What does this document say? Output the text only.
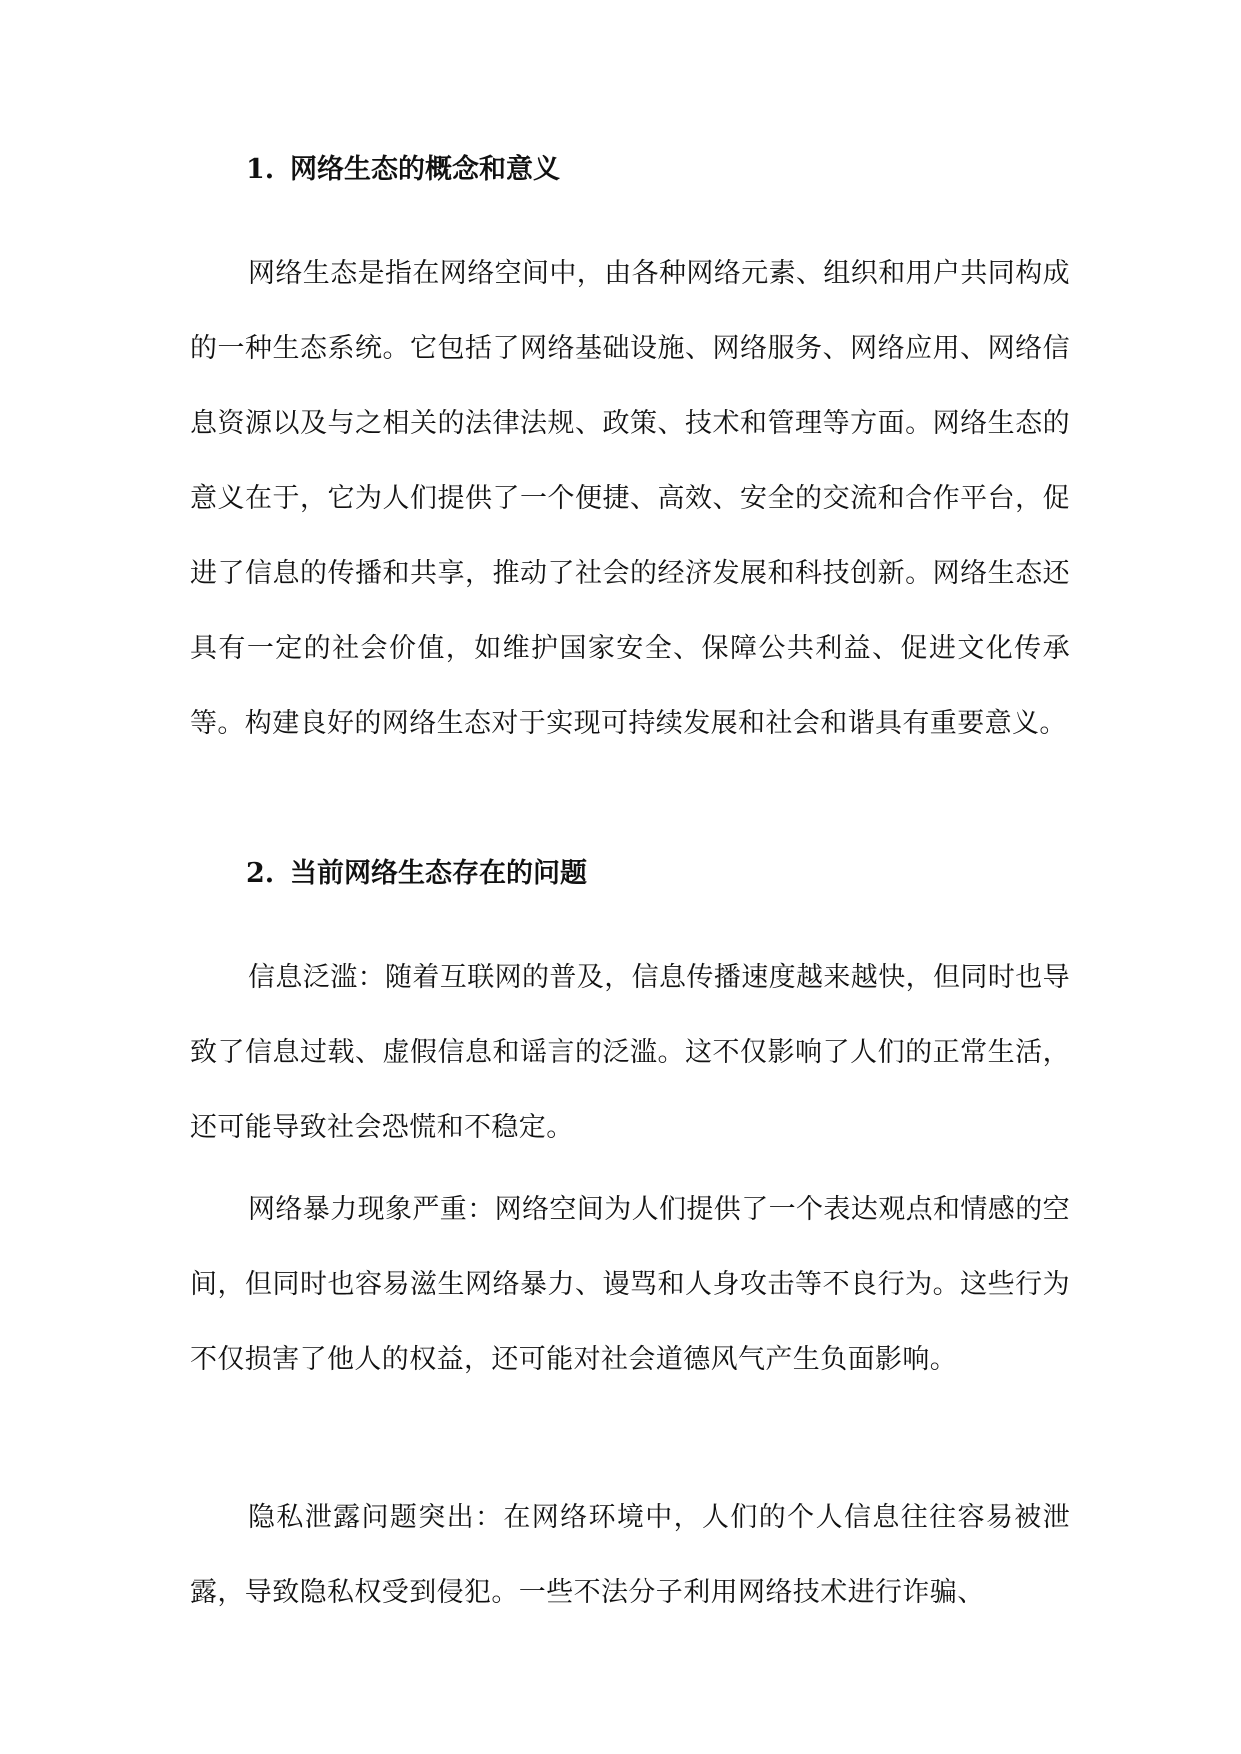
1. 网络生态的概念和意义

网络生态是指在网络空间中，由各种网络元素、组织和用户共同构成的一种生态系统。它包括了网络基础设施、网络服务、网络应用、网络信息资源以及与之相关的法律法规、政策、技术和管理等方面。网络生态的意义在于，它为人们提供了一个便捷、高效、安全的交流和合作平台，促进了信息的传播和共享，推动了社会的经济发展和科技创新。网络生态还具有一定的社会价值，如维护国家安全、保障公共利益、促进文化传承等。构建良好的网络生态对于实现可持续发展和社会和谐具有重要意义。

2. 当前网络生态存在的问题

信息泛滥：随着互联网的普及，信息传播速度越来越快，但同时也导致了信息过载、虚假信息和谣言的泛滥。这不仅影响了人们的正常生活，还可能导致社会恐慌和不稳定。

网络暴力现象严重：网络空间为人们提供了一个表达观点和情感的空间，但同时也容易滋生网络暴力、谩骂和人身攻击等不良行为。这些行为不仅损害了他人的权益，还可能对社会道德风气产生负面影响。

隐私泄露问题突出：在网络环境中，人们的个人信息往往容易被泄露，导致隐私权受到侵犯。一些不法分子利用网络技术进行诈骗、
